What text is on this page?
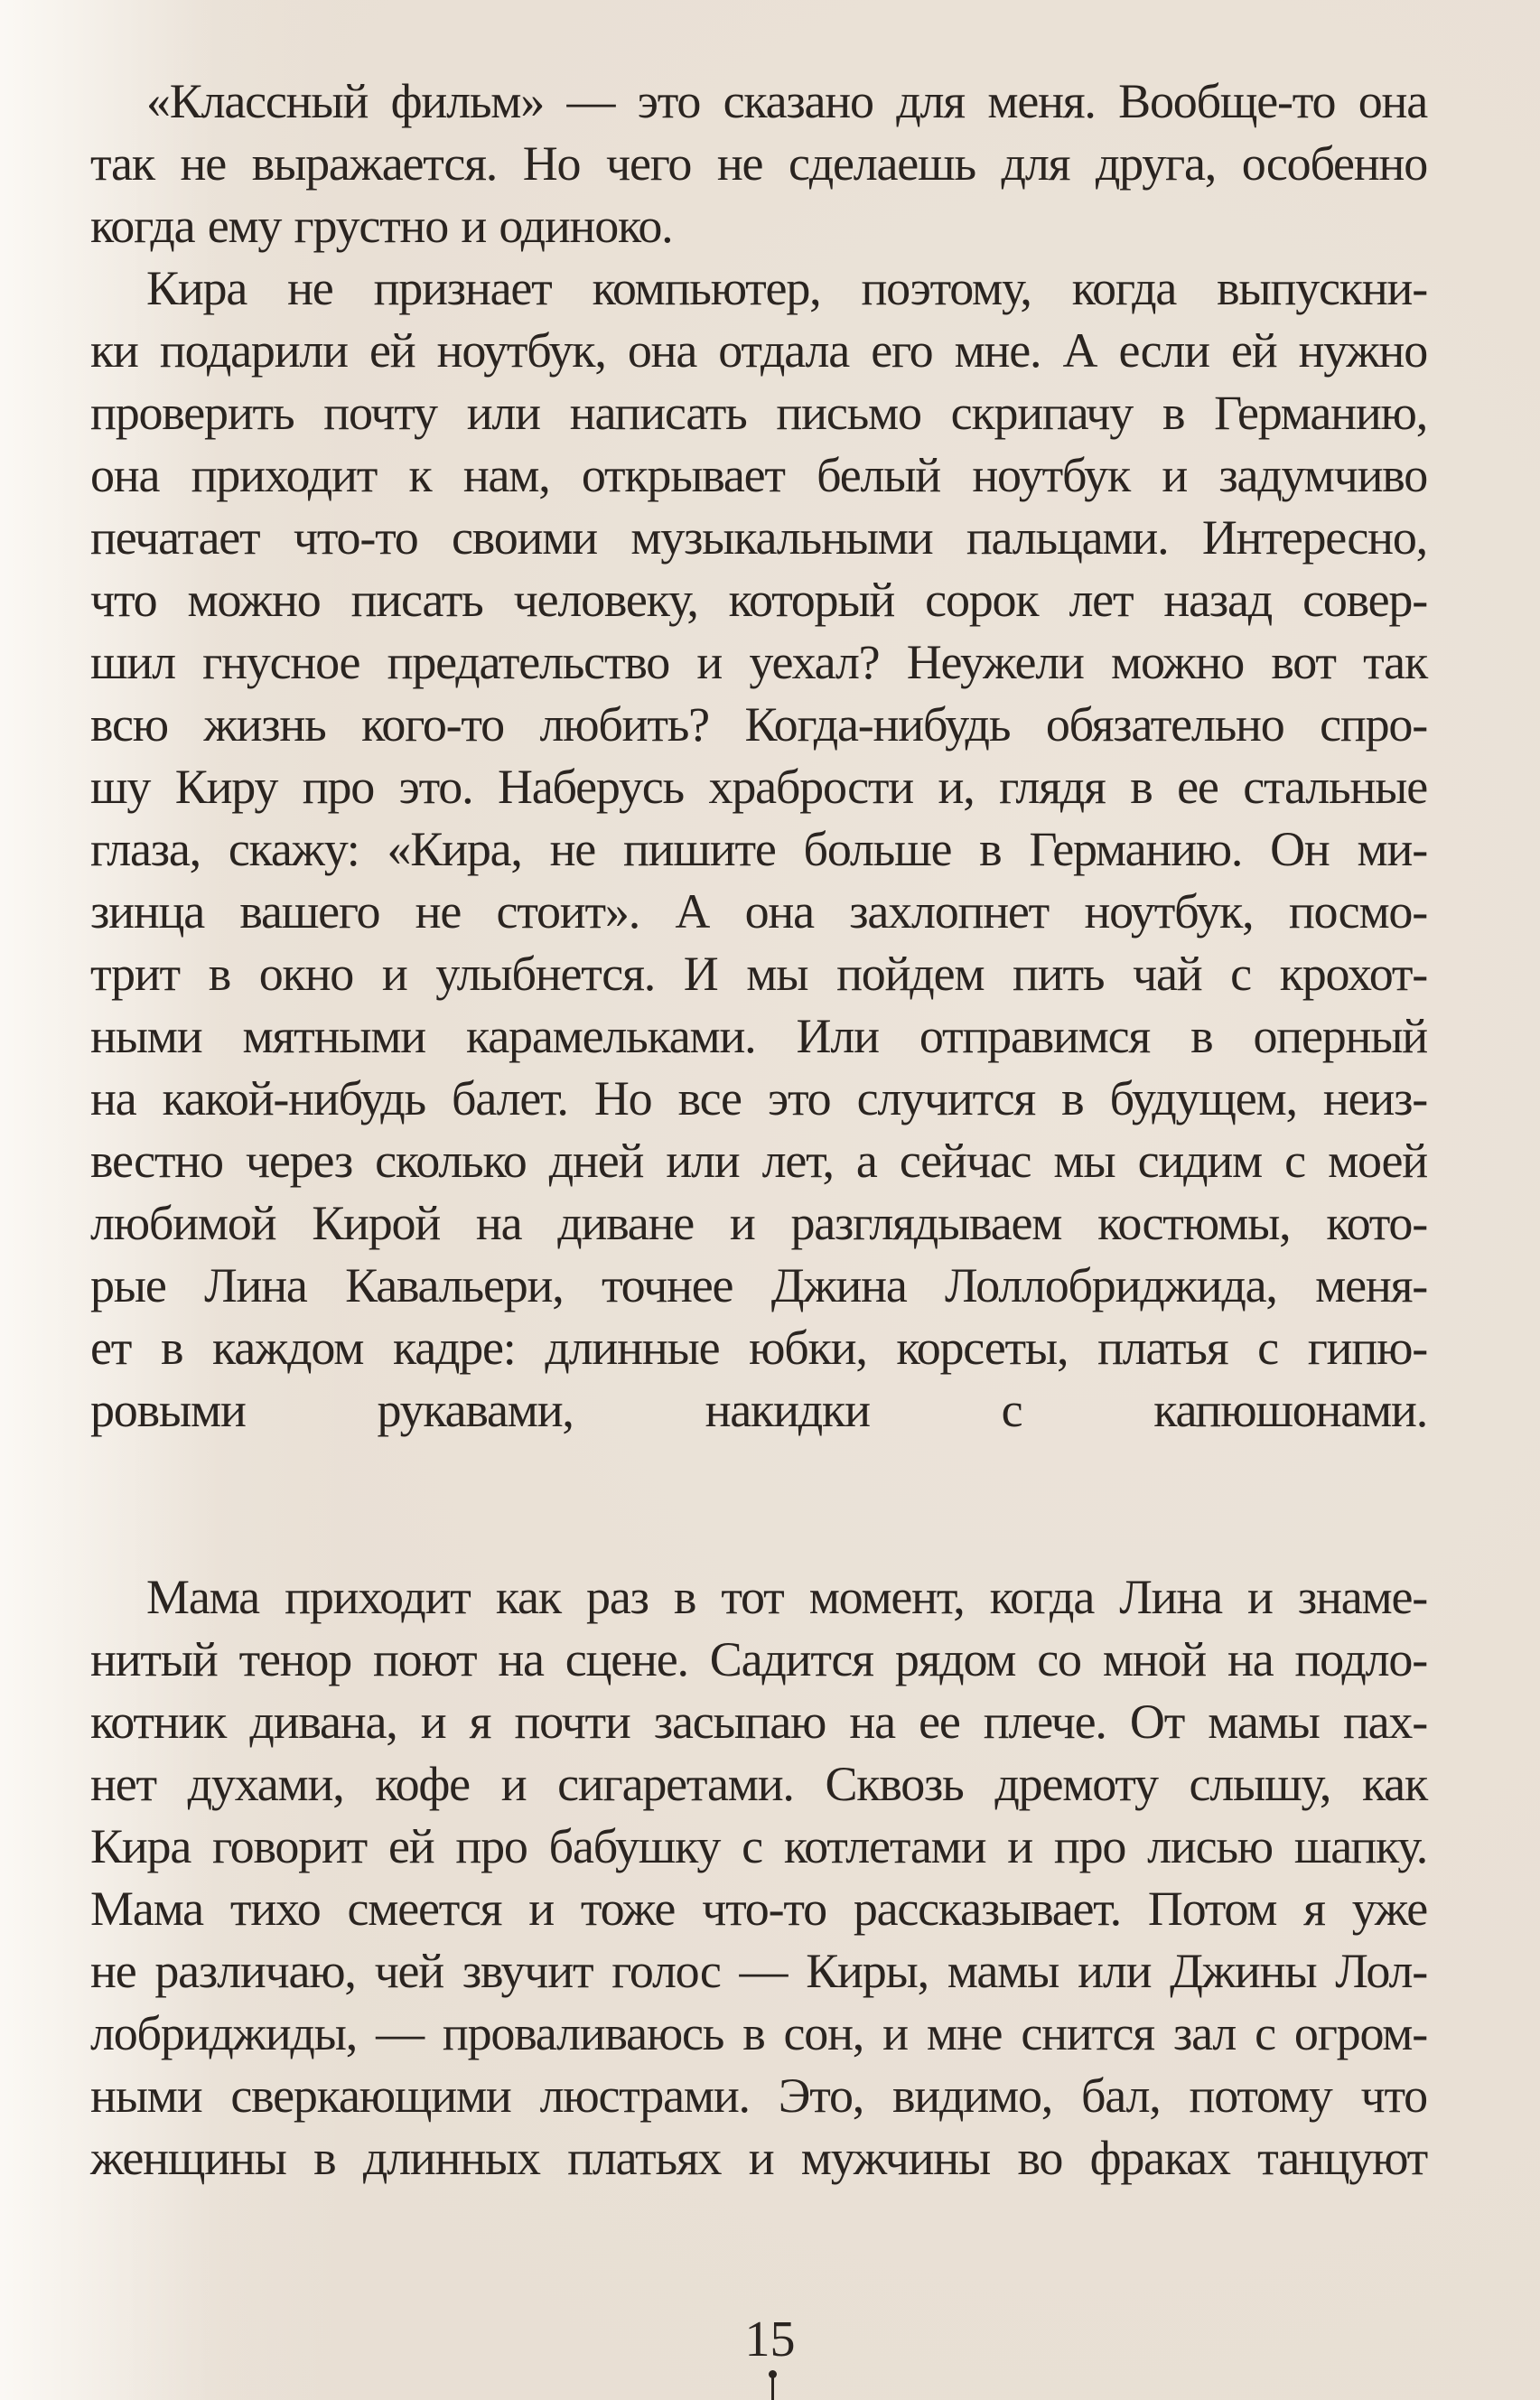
«Классный фильм» — это сказано для меня. Вообще-то она
так не выражается. Но чего не сделаешь для друга, особенно
когда ему грустно и одиноко.
Кира не признает компьютер, поэтому, когда выпускни-
ки подарили ей ноутбук, она отдала его мне. А если ей нужно
проверить почту или написать письмо скрипачу в Германию,
она приходит к нам, открывает белый ноутбук и задумчиво
печатает что-то своими музыкальными пальцами. Интересно,
что можно писать человеку, который сорок лет назад совер-
шил гнусное предательство и уехал? Неужели можно вот так
всю жизнь кого-то любить? Когда-нибудь обязательно спро-
шу Киру про это. Наберусь храбрости и, глядя в ее стальные
глаза, скажу: «Кира, не пишите больше в Германию. Он ми-
зинца вашего не стоит». А она захлопнет ноутбук, посмо-
трит в окно и улыбнется. И мы пойдем пить чай с крохот-
ными мятными карамельками. Или отправимся в оперный
на какой-нибудь балет. Но все это случится в будущем, неиз-
вестно через сколько дней или лет, а сейчас мы сидим с моей
любимой Кирой на диване и разглядываем костюмы, кото-
рые Лина Кавальери, точнее Джина Лоллобриджида, меня-
ет в каждом кадре: длинные юбки, корсеты, платья с гипю-
ровыми рукавами, накидки с капюшонами.
Мама приходит как раз в тот момент, когда Лина и знаме-
нитый тенор поют на сцене. Садится рядом со мной на подло-
котник дивана, и я почти засыпаю на ее плече. От мамы пах-
нет духами, кофе и сигаретами. Сквозь дремоту слышу, как
Кира говорит ей про бабушку с котлетами и про лисью шапку.
Мама тихо смеется и тоже что-то рассказывает. Потом я уже
не различаю, чей звучит голос — Киры, мамы или Джины Лол-
лобриджиды, — проваливаюсь в сон, и мне снится зал с огром-
ными сверкающими люстрами. Это, видимо, бал, потому что
женщины в длинных платьях и мужчины во фраках танцуют
15
